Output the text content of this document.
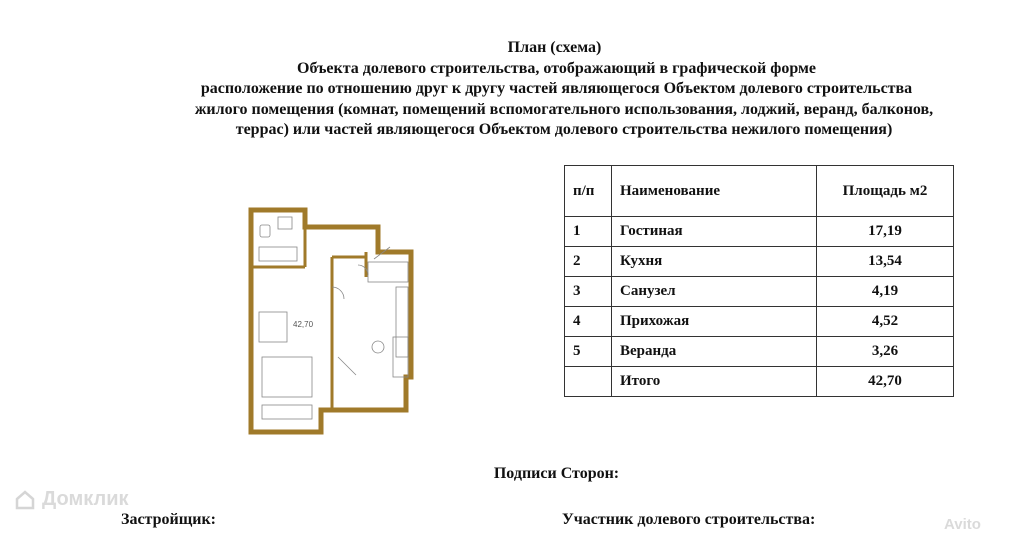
План (схема)
Объекта долевого строительства, отображающий в графической форме
расположение по отношению друг к другу частей являющегося Объектом долевого строительства
жилого помещения (комнат, помещений вспомогательного использования, лоджий, веранд, балконов,
террас) или частей являющегося Объектом долевого строительства нежилого помещения)
42,70
п/п	Наименование	Площадь м2
1	Гостиная	17,19
2	Кухня	13,54
3	Санузел	4,19
4	Прихожая	4,52
5	Веранда	3,26
	Итого	42,70
Подписи Сторон:
Застройщик:	Участник долевого строительства:
Домклик
Avito
